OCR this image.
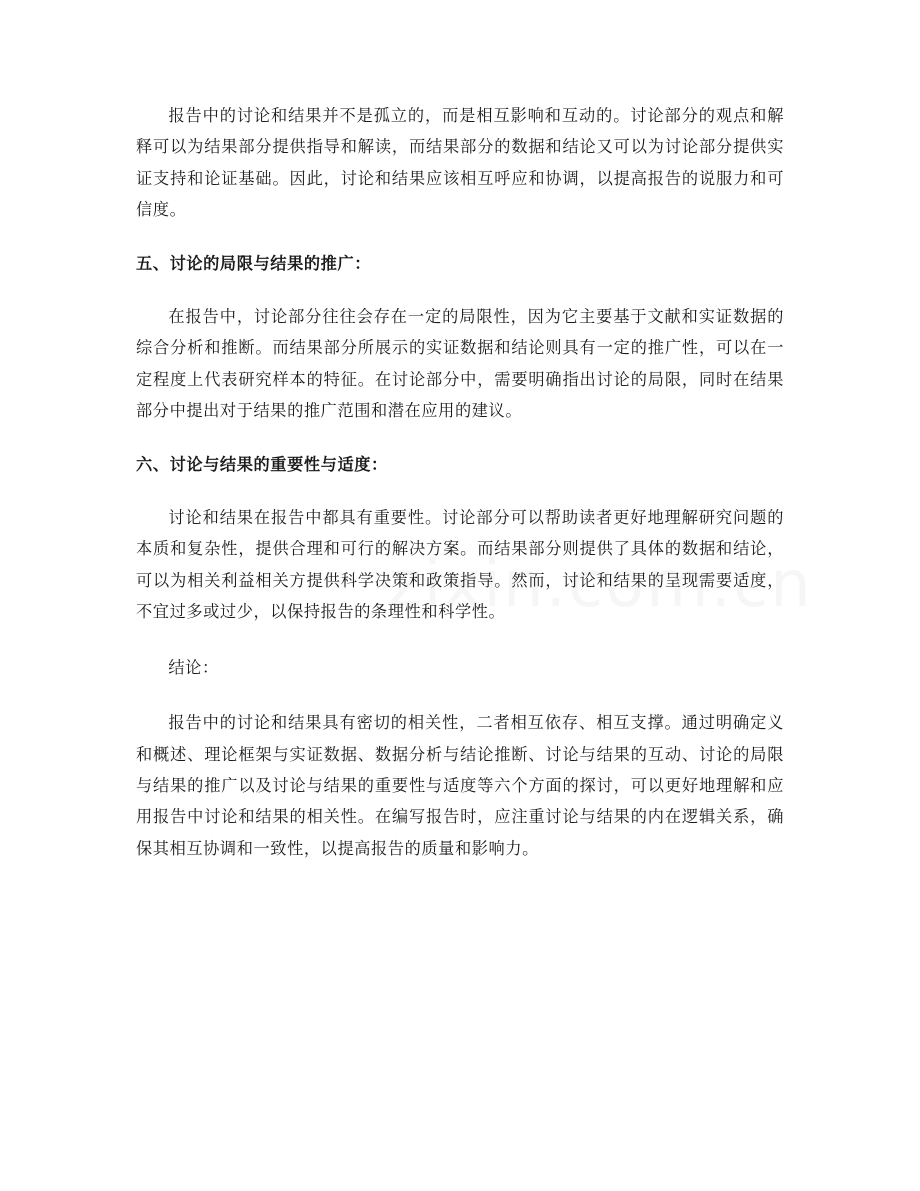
报告中的讨论和结果并不是孤立的，而是相互影响和互动的。讨论部分的观点和解释可以为结果部分提供指导和解读，而结果部分的数据和结论又可以为讨论部分提供实证支持和论证基础。因此，讨论和结果应该相互呼应和协调，以提高报告的说服力和可信度。

五、讨论的局限与结果的推广：

在报告中，讨论部分往往会存在一定的局限性，因为它主要基于文献和实证数据的综合分析和推断。而结果部分所展示的实证数据和结论则具有一定的推广性，可以在一定程度上代表研究样本的特征。在讨论部分中，需要明确指出讨论的局限，同时在结果部分中提出对于结果的推广范围和潜在应用的建议。

六、讨论与结果的重要性与适度：

讨论和结果在报告中都具有重要性。讨论部分可以帮助读者更好地理解研究问题的本质和复杂性，提供合理和可行的解决方案。而结果部分则提供了具体的数据和结论，可以为相关利益相关方提供科学决策和政策指导。然而，讨论和结果的呈现需要适度，不宜过多或过少，以保持报告的条理性和科学性。

结论：

报告中的讨论和结果具有密切的相关性，二者相互依存、相互支撑。通过明确定义和概述、理论框架与实证数据、数据分析与结论推断、讨论与结果的互动、讨论的局限与结果的推广以及讨论与结果的重要性与适度等六个方面的探讨，可以更好地理解和应用报告中讨论和结果的相关性。在编写报告时，应注重讨论与结果的内在逻辑关系，确保其相互协调和一致性，以提高报告的质量和影响力。
